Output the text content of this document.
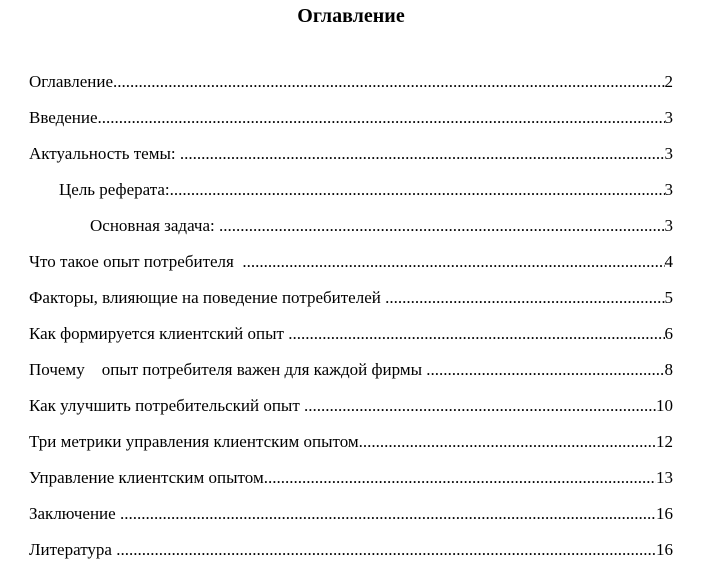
Оглавление
Оглавление .....	2
Введение .....	3
Актуальность темы: .....	3
Цель реферата: .....	3
Основная задача: .....	3
Что такое опыт потребителя .....	4
Факторы, влияющие на поведение потребителей .....	5
Как формируется клиентский опыт .....	6
Почему    опыт потребителя важен для каждой фирмы .....	8
Как улучшить потребительский опыт .....	10
Три метрики управления клиентским опытом .....	12
Управление клиентским опытом .....	13
Заключение .....	16
Литература .....	16
